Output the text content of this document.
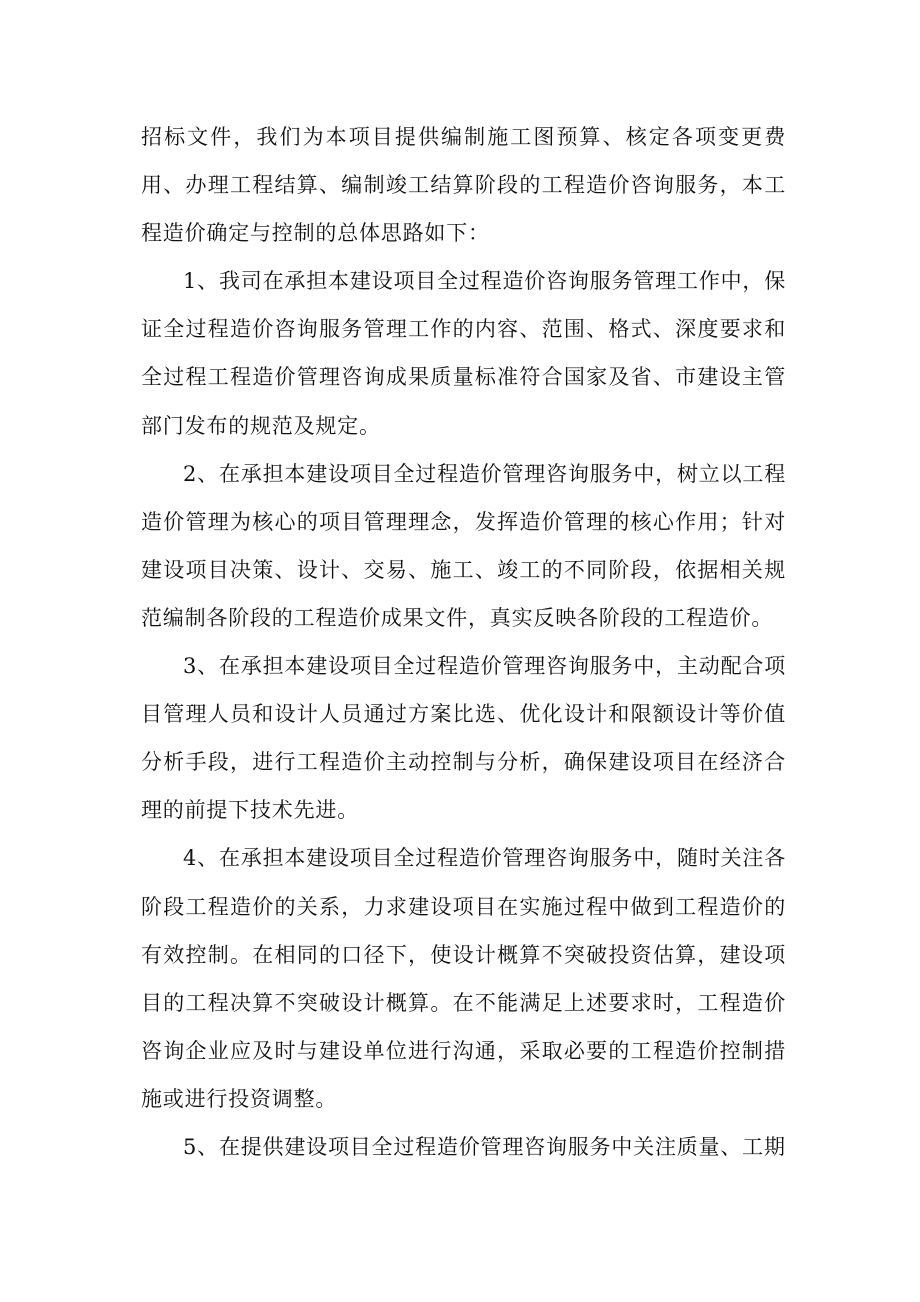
招标文件，我们为本项目提供编制施工图预算、核定各项变更费用、办理工程结算、编制竣工结算阶段的工程造价咨询服务，本工程造价确定与控制的总体思路如下：

1、我司在承担本建设项目全过程造价咨询服务管理工作中，保证全过程造价咨询服务管理工作的内容、范围、格式、深度要求和全过程工程造价管理咨询成果质量标准符合国家及省、市建设主管部门发布的规范及规定。

2、在承担本建设项目全过程造价管理咨询服务中，树立以工程造价管理为核心的项目管理理念，发挥造价管理的核心作用；针对建设项目决策、设计、交易、施工、竣工的不同阶段，依据相关规范编制各阶段的工程造价成果文件，真实反映各阶段的工程造价。

3、在承担本建设项目全过程造价管理咨询服务中，主动配合项目管理人员和设计人员通过方案比选、优化设计和限额设计等价值分析手段，进行工程造价主动控制与分析，确保建设项目在经济合理的前提下技术先进。

4、在承担本建设项目全过程造价管理咨询服务中，随时关注各阶段工程造价的关系，力求建设项目在实施过程中做到工程造价的有效控制。在相同的口径下，使设计概算不突破投资估算，建设项目的工程决算不突破设计概算。在不能满足上述要求时，工程造价咨询企业应及时与建设单位进行沟通，采取必要的工程造价控制措施或进行投资调整。

5、在提供建设项目全过程造价管理咨询服务中关注质量、工期
